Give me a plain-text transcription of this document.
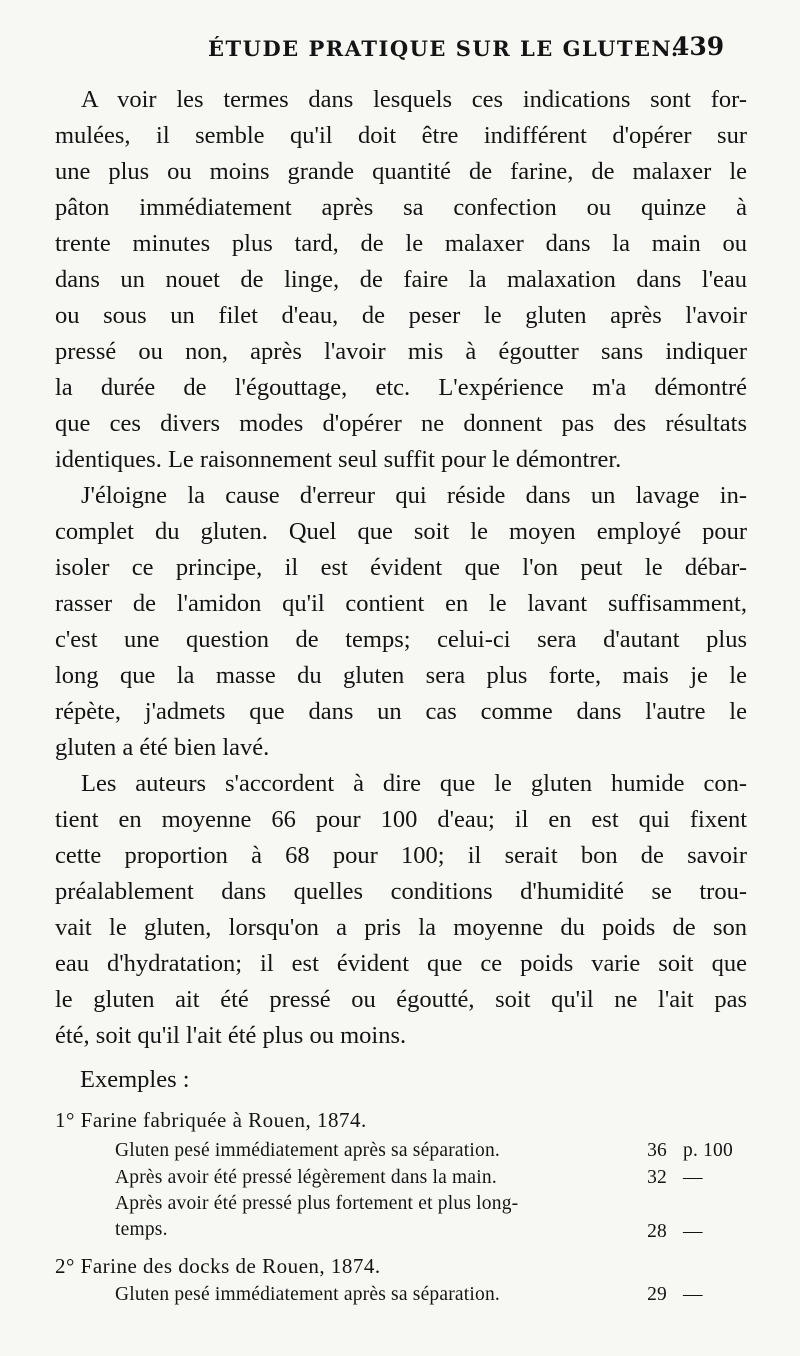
ÉTUDE PRATIQUE SUR LE GLUTEN.
439

A voir les termes dans lesquels ces indications sont for-
mulées, il semble qu'il doit être indifférent d'opérer sur
une plus ou moins grande quantité de farine, de malaxer le
pâton immédiatement après sa confection ou quinze à
trente minutes plus tard, de le malaxer dans la main ou
dans un nouet de linge, de faire la malaxation dans l'eau
ou sous un filet d'eau, de peser le gluten après l'avoir
pressé ou non, après l'avoir mis à égoutter sans indiquer
la durée de l'égouttage, etc. L'expérience m'a démontré
que ces divers modes d'opérer ne donnent pas des résultats
identiques. Le raisonnement seul suffit pour le démontrer.

J'éloigne la cause d'erreur qui réside dans un lavage in-
complet du gluten. Quel que soit le moyen employé pour
isoler ce principe, il est évident que l'on peut le débar-
rasser de l'amidon qu'il contient en le lavant suffisamment,
c'est une question de temps; celui-ci sera d'autant plus
long que la masse du gluten sera plus forte, mais je le
répète, j'admets que dans un cas comme dans l'autre le
gluten a été bien lavé.

Les auteurs s'accordent à dire que le gluten humide con-
tient en moyenne 66 pour 100 d'eau; il en est qui fixent
cette proportion à 68 pour 100; il serait bon de savoir
préalablement dans quelles conditions d'humidité se trou-
vait le gluten, lorsqu'on a pris la moyenne du poids de son
eau d'hydratation; il est évident que ce poids varie soit que
le gluten ait été pressé ou égoutté, soit qu'il ne l'ait pas
été, soit qu'il l'ait été plus ou moins.

Exemples :
1° Farine fabriquée à Rouen, 1874.
Gluten pesé immédiatement après sa séparation.	36 p. 100
Après avoir été pressé légèrement dans la main.	32 —
Après avoir été pressé plus fortement et plus long-
temps.	28 —
2° Farine des docks de Rouen, 1874.
Gluten pesé immédiatement après sa séparation.	29 —
